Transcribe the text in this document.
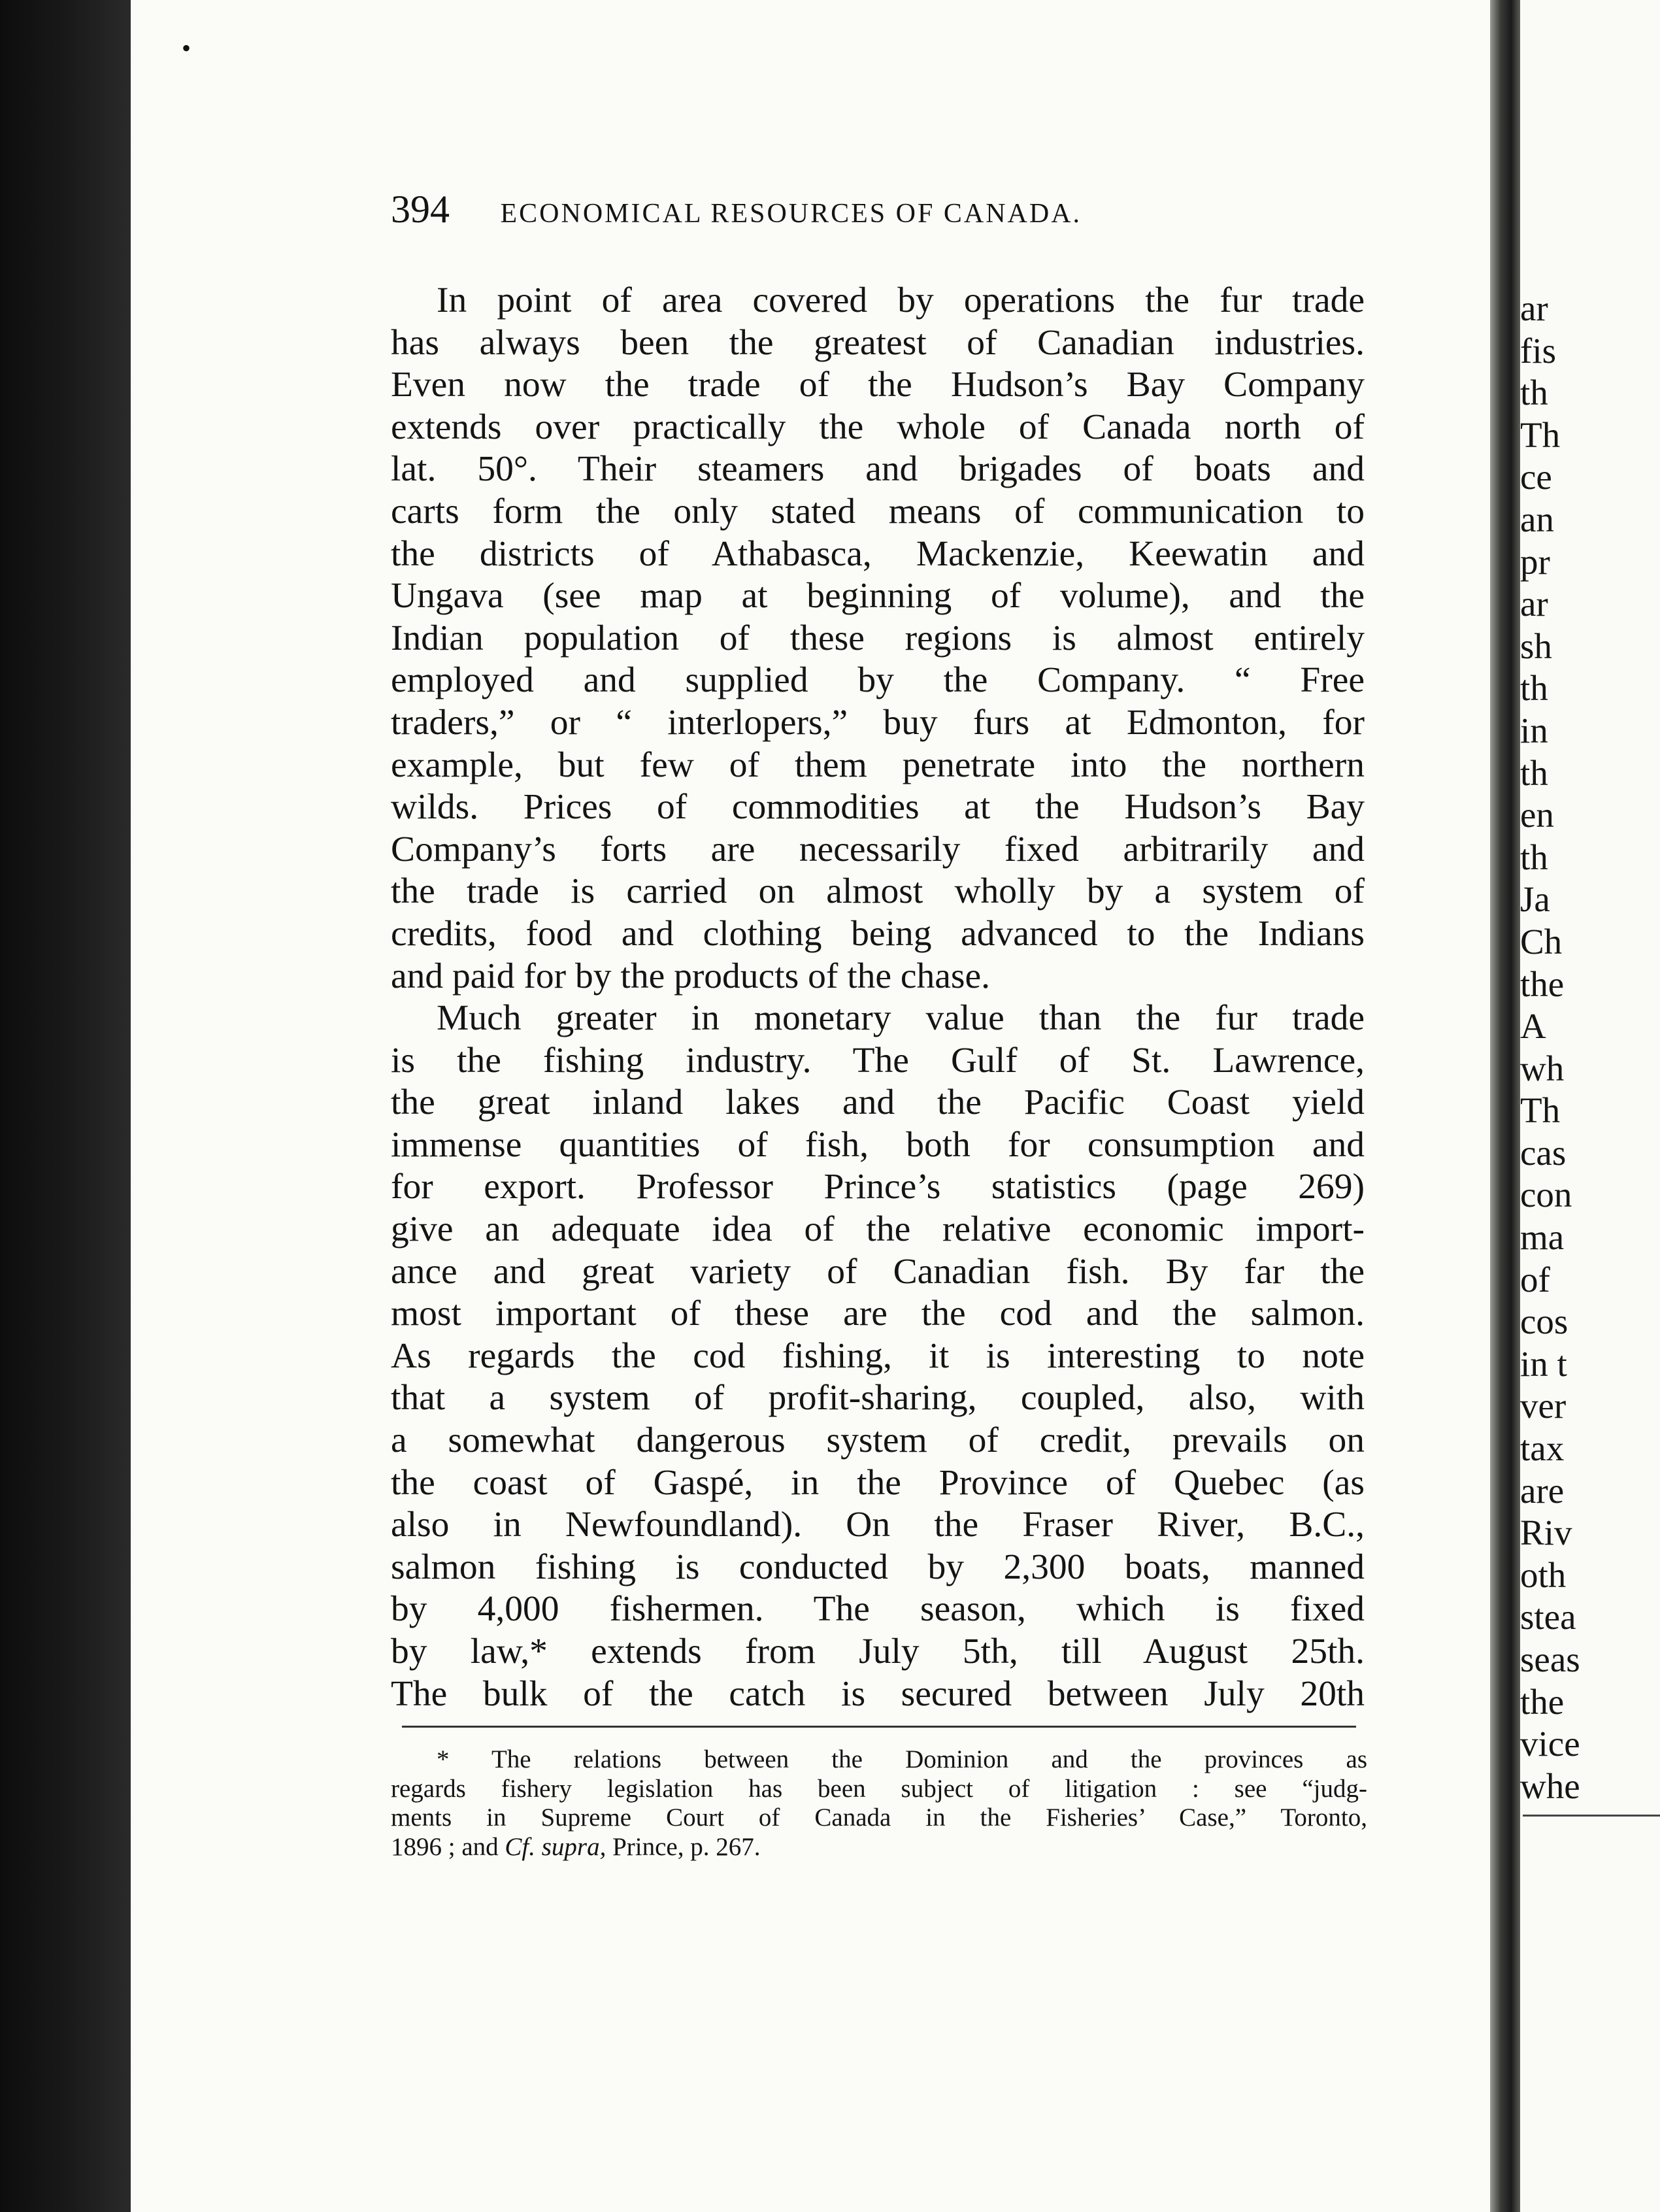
•
394 ECONOMICAL RESOURCES OF CANADA.
In point of area covered by operations the fur trade
has always been the greatest of Canadian industries.
Even now the trade of the Hudson’s Bay Company
extends over practically the whole of Canada north of
lat. 50°. Their steamers and brigades of boats and
carts form the only stated means of communication to
the districts of Athabasca, Mackenzie, Keewatin and
Ungava (see map at beginning of volume), and the
Indian population of these regions is almost entirely
employed and supplied by the Company. “ Free
traders,” or “ interlopers,” buy furs at Edmonton, for
example, but few of them penetrate into the northern
wilds. Prices of commodities at the Hudson’s Bay
Company’s forts are necessarily fixed arbitrarily and
the trade is carried on almost wholly by a system of
credits, food and clothing being advanced to the Indians
and paid for by the products of the chase.
Much greater in monetary value than the fur trade
is the fishing industry. The Gulf of St. Lawrence,
the great inland lakes and the Pacific Coast yield
immense quantities of fish, both for consumption and
for export. Professor Prince’s statistics (page 269)
give an adequate idea of the relative economic import-
ance and great variety of Canadian fish. By far the
most important of these are the cod and the salmon.
As regards the cod fishing, it is interesting to note
that a system of profit-sharing, coupled, also, with
a somewhat dangerous system of credit, prevails on
the coast of Gaspé, in the Province of Quebec (as
also in Newfoundland). On the Fraser River, B.C.,
salmon fishing is conducted by 2,300 boats, manned
by 4,000 fishermen. The season, which is fixed
by law,* extends from July 5th, till August 25th.
The bulk of the catch is secured between July 20th
* The relations between the Dominion and the provinces as
regards fishery legislation has been subject of litigation : see “judg-
ments in Supreme Court of Canada in the Fisheries’ Case,” Toronto,
1896 ; and Cf. supra, Prince, p. 267.
ar
fis
th
Th
ce
an
pr
ar
sh
th
in
th
en
th
Ja
Ch
the
A
wh
Th
cas
con
ma
of
cos
in t
ver
tax
are
Riv
oth
stea
seas
the
vice
whe
